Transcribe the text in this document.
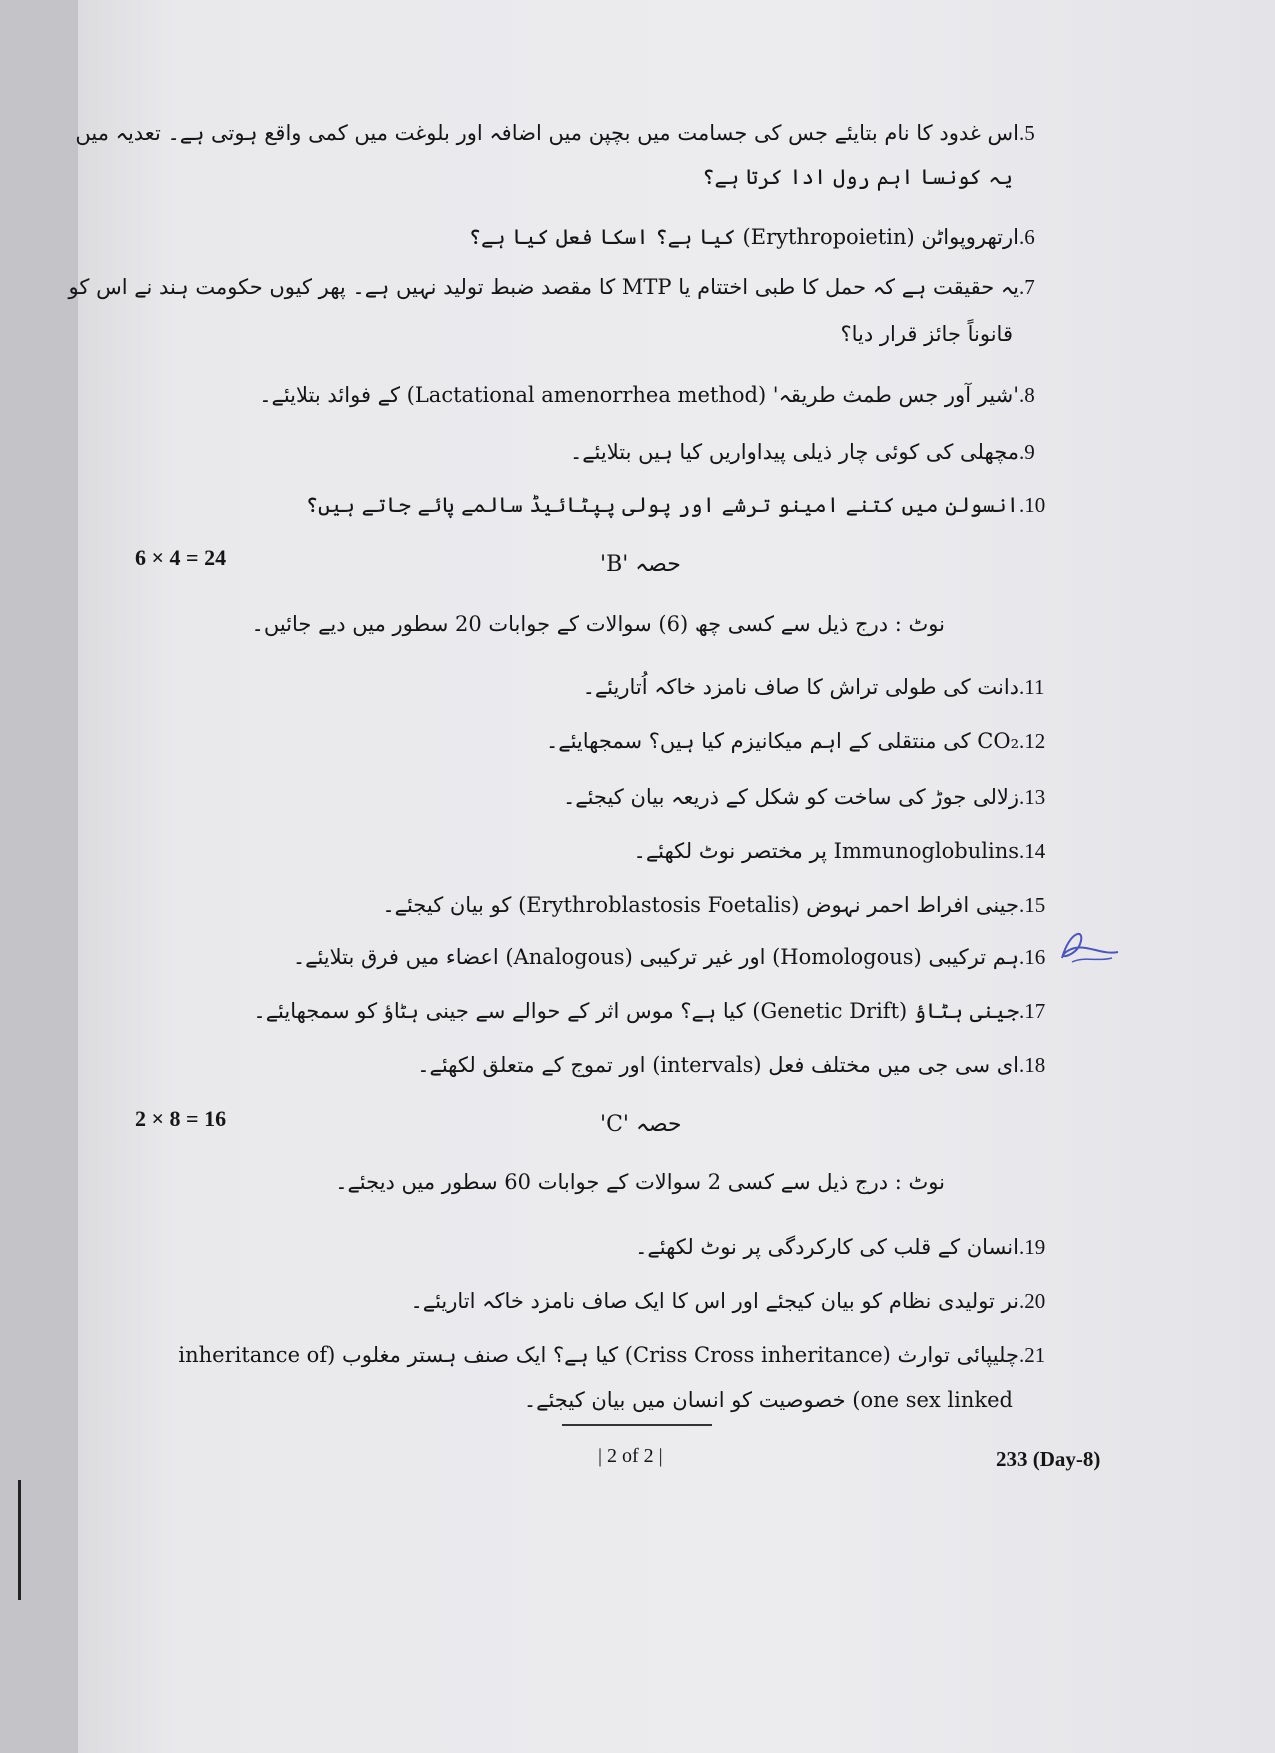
.5اس غدود کا نام بتایئے جس کی جسامت میں بچپن میں اضافہ اور بلوغت میں کمی واقع ہوتی ہے۔ تعدیہ میں
یہ کونسا اہم رول ادا کرتا ہے؟
.6ارتھروپواٹن (Erythropoietin) کیا ہے؟ اسکا فعل کیا ہے؟
.7یہ حقیقت ہے کہ حمل کا طبی اختتام یا MTP کا مقصد ضبط تولید نہیں ہے۔ پھر کیوں حکومت ہند نے اس کو
قانوناً جائز قرار دیا؟
.8'شیر آور جس طمث طریقہ' (Lactational amenorrhea method) کے فوائد بتلایئے۔
.9مچھلی کی کوئی چار ذیلی پیداواریں کیا ہیں بتلایئے۔
.10انسولن میں کتنے امینو ترشے اور پولی پپٹائیڈ سالمے پائے جاتے ہیں؟
6 × 4 = 24	حصہ 'B'
نوٹ : درج ذیل سے کسی چھ (6) سوالات کے جوابات 20 سطور میں دیے جائیں۔
.11دانت کی طولی تراش کا صاف نامزد خاکہ اُتاریئے۔
.12CO₂ کی منتقلی کے اہم میکانیزم کیا ہیں؟ سمجھایئے۔
.13زلالی جوڑ کی ساخت کو شکل کے ذریعہ بیان کیجئے۔
.14Immunoglobulins پر مختصر نوٹ لکھئے۔
.15جینی افراط احمر نہوض (Erythroblastosis Foetalis) کو بیان کیجئے۔
.16ہم ترکیبی (Homologous) اور غیر ترکیبی (Analogous) اعضاء میں فرق بتلایئے۔
.17جینی ہٹاؤ (Genetic Drift) کیا ہے؟ موس اثر کے حوالے سے جینی ہٹاؤ کو سمجھایئے۔
.18ای سی جی میں مختلف فعل (intervals) اور تموج کے متعلق لکھئے۔
2 × 8 = 16	حصہ 'C'
نوٹ : درج ذیل سے کسی 2 سوالات کے جوابات 60 سطور میں دیجئے۔
.19انسان کے قلب کی کارکردگی پر نوٹ لکھئے۔
.20نر تولیدی نظام کو بیان کیجئے اور اس کا ایک صاف نامزد خاکہ اتاریئے۔
.21چلیپائی توارث (Criss Cross inheritance) کیا ہے؟ ایک صنف ہستر مغلوب (inheritance of
one sex linked) خصوصیت کو انسان میں بیان کیجئے۔
| 2 of 2 |	233 (Day-8)
